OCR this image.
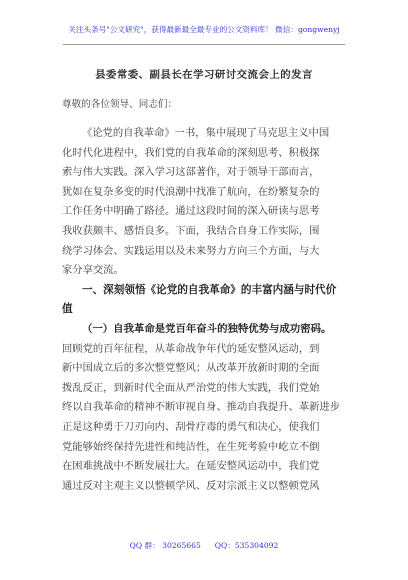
关注头条号"公文研究"，获得最新最全最专业的公文资料库！ 微信：gongwenyj
县委常委、副县长在学习研讨交流会上的发言
尊敬的各位领导、同志们：
《论党的自我革命》一书，集中展现了马克思主义中国
化时代化进程中，我们党的自我革命的深刻思考、积极探
索与伟大实践。深入学习这部著作，对于领导干部而言，
犹如在复杂多变的时代浪潮中找准了航向，在纷繁复杂的
工作任务中明确了路径。通过这段时间的深入研读与思考
我收获颇丰、感悟良多。下面，我结合自身工作实际，围
绕学习体会、实践运用以及未来努力方向三个方面，与大
家分享交流。
一、深刻领悟《论党的自我革命》的丰富内涵与时代价
值
（一）自我革命是党百年奋斗的独特优势与成功密码。
回顾党的百年征程，从革命战争年代的延安整风运动，到
新中国成立后的多次整党整风；从改革开放新时期的全面
拨乱反正，到新时代全面从严治党的伟大实践，我们党始
终以自我革命的精神不断审视自身、推动自我提升、革新进步
正是这种勇于刀刃向内、刮骨疗毒的勇气和决心，使我们
党能够始终保持先进性和纯洁性，在生死考验中屹立不倒
在困难挑战中不断发展壮大。在延安整风运动中，我们党
通过反对主观主义以整顿学风、反对宗派主义以整顿党风
QQ 群： 30265665 QQ：535304092
